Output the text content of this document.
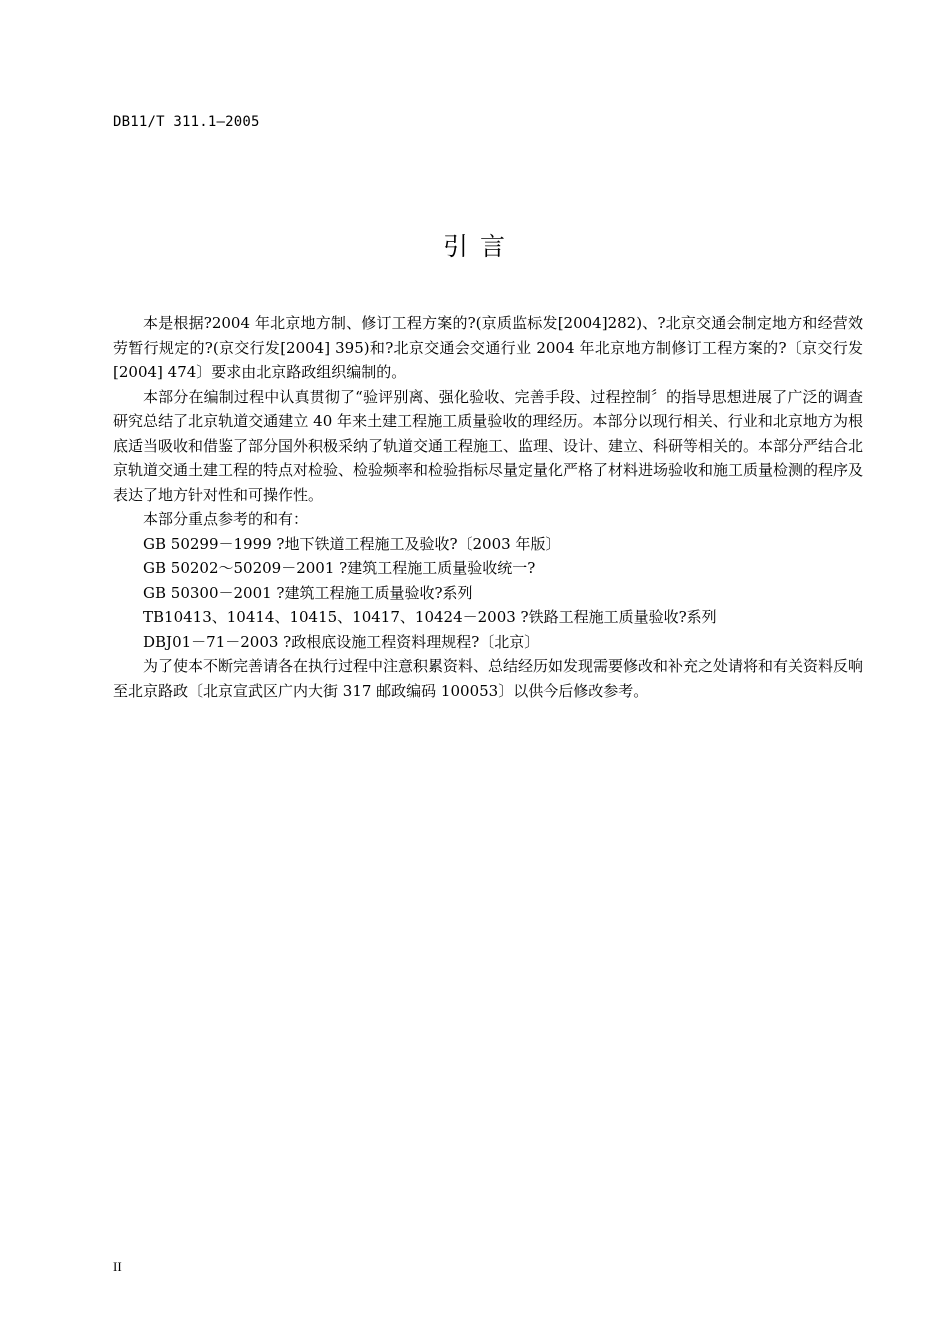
DB11/T 311.1—2005
引 言

本是根据?2004 年北京地方制、修订工程方案的?(京质监标发[2004]282)、?北京交通会制定地方和经营效劳暂行规定的?(京交行发[2004] 395)和?北京交通会交通行业 2004 年北京地方制修订工程方案的?〔京交行发[2004] 474〕要求由北京路政组织编制的。

本部分在编制过程中认真贯彻了“验评别离、强化验收、完善手段、过程控制〞的指导思想进展了广泛的调查研究总结了北京轨道交通建立 40 年来土建工程施工质量验收的理经历。本部分以现行相关、行业和北京地方为根底适当吸收和借鉴了部分国外积极采纳了轨道交通工程施工、监理、设计、建立、科研等相关的。本部分严结合北京轨道交通土建工程的特点对检验、检验频率和检验指标尽量定量化严格了材料进场验收和施工质量检测的程序及表达了地方针对性和可操作性。

本部分重点参考的和有：

GB 50299－1999 ?地下铁道工程施工及验收?〔2003 年版〕

GB 50202～50209－2001 ?建筑工程施工质量验收统一?

GB 50300－2001 ?建筑工程施工质量验收?系列

TB10413、10414、10415、10417、10424－2003 ?铁路工程施工质量验收?系列

DBJ01－71－2003 ?政根底设施工程资料理规程?〔北京〕

为了使本不断完善请各在执行过程中注意积累资料、总结经历如发现需要修改和补充之处请将和有关资料反响至北京路政〔北京宣武区广内大街 317 邮政编码 100053〕以供今后修改参考。

II
